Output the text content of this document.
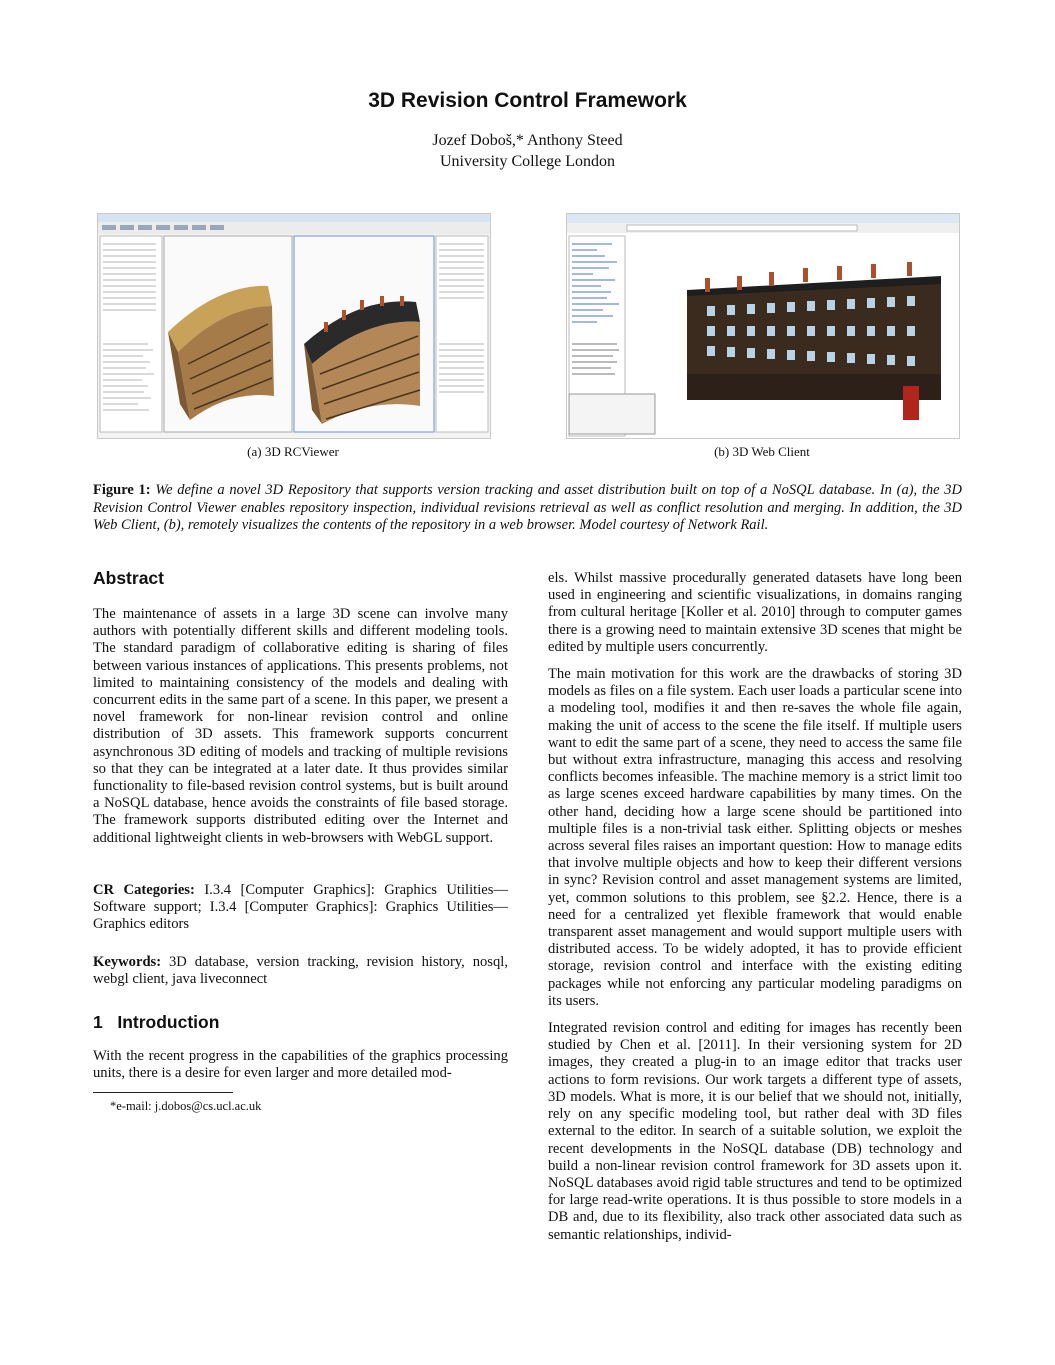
3D Revision Control Framework
Jozef Doboš,* Anthony Steed
University College London
(a) 3D RCViewer	(b) 3D Web Client
Figure 1: We define a novel 3D Repository that supports version tracking and asset distribution built on top of a NoSQL database. In (a), the 3D Revision Control Viewer enables repository inspection, individual revisions retrieval as well as conflict resolution and merging. In addition, the 3D Web Client, (b), remotely visualizes the contents of the repository in a web browser. Model courtesy of Network Rail.
Abstract

The maintenance of assets in a large 3D scene can involve many authors with potentially different skills and different modeling tools. The standard paradigm of collaborative editing is sharing of files between various instances of applications. This presents problems, not limited to maintaining consistency of the models and dealing with concurrent edits in the same part of a scene. In this paper, we present a novel framework for non-linear revision control and online distribution of 3D assets. This framework supports concurrent asynchronous 3D editing of models and tracking of multiple revisions so that they can be integrated at a later date. It thus provides similar functionality to file-based revision control systems, but is built around a NoSQL database, hence avoids the constraints of file based storage. The framework supports distributed editing over the Internet and additional lightweight clients in web-browsers with WebGL support.

CR Categories: I.3.4 [Computer Graphics]: Graphics Utilities—Software support; I.3.4 [Computer Graphics]: Graphics Utilities—Graphics editors

Keywords: 3D database, version tracking, revision history, nosql, webgl client, java liveconnect

1 Introduction

With the recent progress in the capabilities of the graphics processing units, there is a desire for even larger and more detailed mod-

*e-mail: j.dobos@cs.ucl.ac.uk

els. Whilst massive procedurally generated datasets have long been used in engineering and scientific visualizations, in domains ranging from cultural heritage [Koller et al. 2010] through to computer games there is a growing need to maintain extensive 3D scenes that might be edited by multiple users concurrently.

The main motivation for this work are the drawbacks of storing 3D models as files on a file system. Each user loads a particular scene into a modeling tool, modifies it and then re-saves the whole file again, making the unit of access to the scene the file itself. If multiple users want to edit the same part of a scene, they need to access the same file but without extra infrastructure, managing this access and resolving conflicts becomes infeasible. The machine memory is a strict limit too as large scenes exceed hardware capabilities by many times. On the other hand, deciding how a large scene should be partitioned into multiple files is a non-trivial task either. Splitting objects or meshes across several files raises an important question: How to manage edits that involve multiple objects and how to keep their different versions in sync? Revision control and asset management systems are limited, yet, common solutions to this problem, see §2.2. Hence, there is a need for a centralized yet flexible framework that would enable transparent asset management and would support multiple users with distributed access. To be widely adopted, it has to provide efficient storage, revision control and interface with the existing editing packages while not enforcing any particular modeling paradigms on its users.

Integrated revision control and editing for images has recently been studied by Chen et al. [2011]. In their versioning system for 2D images, they created a plug-in to an image editor that tracks user actions to form revisions. Our work targets a different type of assets, 3D models. What is more, it is our belief that we should not, initially, rely on any specific modeling tool, but rather deal with 3D files external to the editor. In search of a suitable solution, we exploit the recent developments in the NoSQL database (DB) technology and build a non-linear revision control framework for 3D assets upon it. NoSQL databases avoid rigid table structures and tend to be optimized for large read-write operations. It is thus possible to store models in a DB and, due to its flexibility, also track other associated data such as semantic relationships, individ-
